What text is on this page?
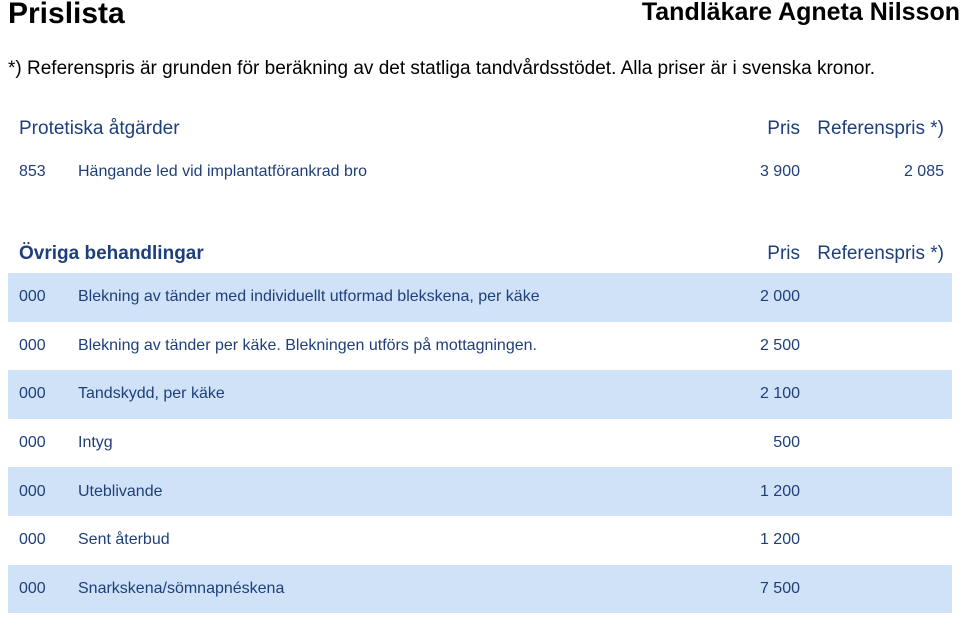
Prislista	Tandläkare Agneta Nilsson
*) Referenspris är grunden för beräkning av det statliga tandvårdsstödet. Alla priser är i svenska kronor.
Protetiska åtgärder	Pris Referenspris *)
853 Hängande led vid implantatförankrad bro	3 900	2 085
Övriga behandlingar	Pris Referenspris *)
000 Blekning av tänder med individuellt utformad blekskena, per käke	2 000
000 Blekning av tänder per käke. Blekningen utförs på mottagningen.	2 500
000 Tandskydd, per käke	2 100
000 Intyg	500
000 Uteblivande	1 200
000 Sent återbud	1 200
000 Snarkskena/sömnapnéskena	7 500
